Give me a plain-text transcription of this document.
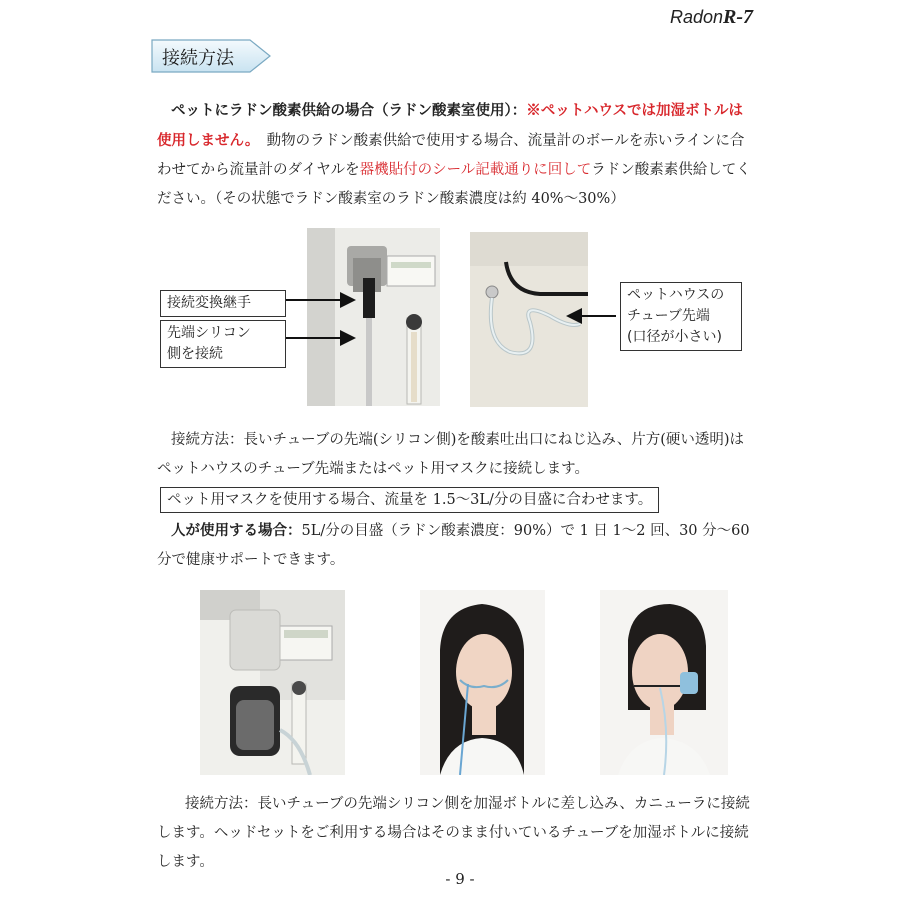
RadonR-7
接続方法
ペットにラドン酸素供給の場合（ラドン酸素室使用）：※ペットハウスでは加湿ボトルは使用しません。　動物のラドン酸素供給で使用する場合、流量計のボールを赤いラインに合わせてから流量計のダイヤルを器機貼付のシール記載通りに回してラドン酸素素供給してください。（その状態でラドン酸素室のラドン酸素濃度は約 40%～30%）
接続変換継手
先端シリコン
側を接続
ペットハウスの
チューブ先端
(口径が小さい)
接続方法：長いチューブの先端(シリコン側)を酸素吐出口にねじ込み、片方(硬い透明)はペットハウスのチューブ先端またはペット用マスクに接続します。
ペット用マスクを使用する場合、流量を 1.5～3L/分の目盛に合わせます。
人が使用する場合：5L/分の目盛（ラドン酸素濃度：90%）で 1 日 1～2 回、30 分～60 分で健康サポートできます。
接続方法：長いチューブの先端シリコン側を加湿ボトルに差し込み、カニューラに接続します。ヘッドセットをご利用する場合はそのまま付いているチューブを加湿ボトルに接続します。
- 9 -
